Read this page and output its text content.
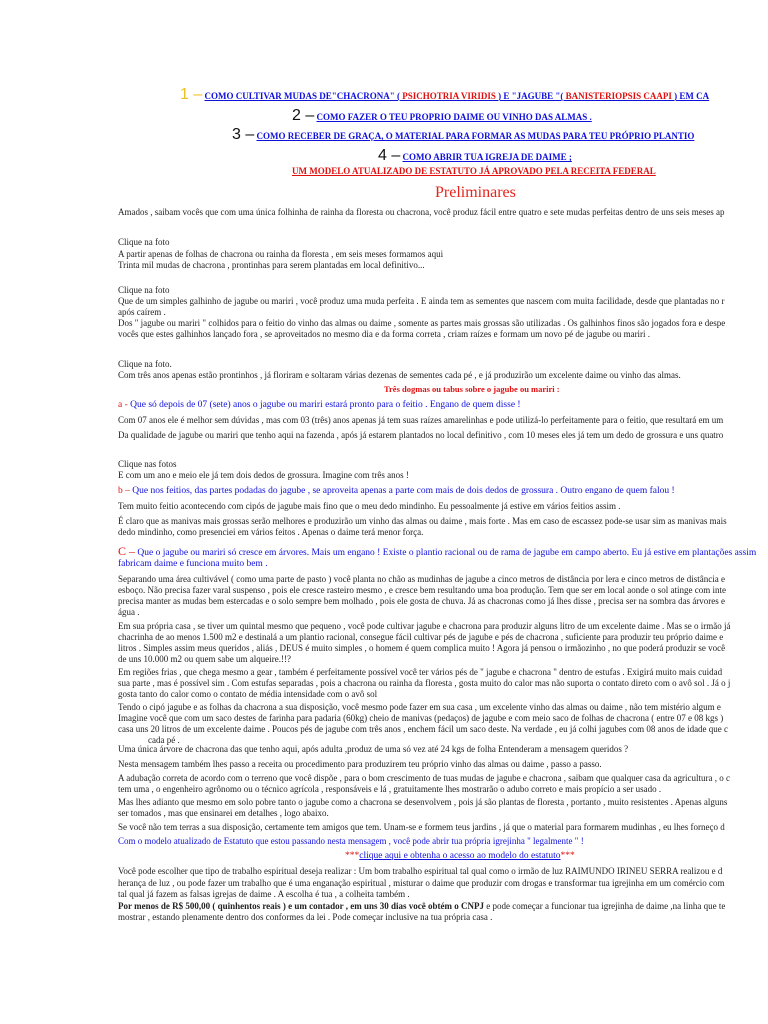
1 – COMO CULTIVAR MUDAS DE"CHACRONA" ( PSICHOTRIA VIRIDIS ) E "JAGUBE "( BANISTERIOPSIS CAAPI ) EM CA
2 – COMO FAZER O TEU PROPRIO DAIME OU VINHO DAS ALMAS .
3 – COMO RECEBER DE GRAÇA, O MATERIAL PARA FORMAR AS MUDAS PARA TEU PRÓPRIO PLANTIO
4 – COMO ABRIR TUA IGREJA DE DAIME ;
UM MODELO ATUALIZADO DE ESTATUTO JÁ APROVADO PELA RECEITA FEDERAL
Preliminares
Amados , saibam vocês que com uma única folhinha de rainha da floresta ou chacrona, você produz fácil entre quatro e sete mudas perfeitas dentro de uns seis meses ap
Clique na foto
A partir apenas de folhas de chacrona ou rainha da floresta , em seis meses formamos aqui
Trinta mil mudas de chacrona , prontinhas para serem plantadas em local definitivo...
Clique na foto
Que de um simples galhinho de jagube ou mariri , você produz uma muda perfeita . E ainda tem as sementes que nascem com muita facilidade, desde que plantadas no r
após caírem .
Dos " jagube ou mariri " colhidos para o feitio do vinho das almas ou daime , somente as partes mais grossas são utilizadas . Os galhinhos finos são jogados fora e despe
vocês que estes galhinhos lançado fora , se aproveitados no mesmo dia e da forma correta , criam raízes e formam um novo pé de jagube ou mariri .
Clique na foto.
Com três anos apenas estão prontinhos , já floriram e soltaram várias dezenas de sementes cada pé , e já produzirão um excelente daime ou vinho das almas.
Três dogmas ou tabus sobre o jagube ou mariri :
a - Que só depois de 07 (sete) anos o jagube ou mariri estará pronto para o feitio . Engano de quem disse !
Com 07 anos ele é melhor sem dúvidas , mas com 03 (três) anos apenas já tem suas raízes amarelinhas e pode utilizá-lo perfeitamente para o feitio, que resultará em um
Da qualidade de jagube ou mariri que tenho aqui na fazenda , após já estarem plantados no local definitivo , com 10 meses eles já tem um dedo de grossura e uns quatro
Clique nas fotos
E com um ano e meio ele já tem dois dedos de grossura. Imagine com três anos !
b – Que nos feitios, das partes podadas do jagube , se aproveita apenas a parte com mais de dois dedos de grossura . Outro engano de quem falou !
Tem muito feitio acontecendo com cipós de jagube mais fino que o meu dedo mindinho. Eu pessoalmente já estive em vários feitios assim .
É claro que as manivas mais grossas serão melhores e produzirão um vinho das almas ou daime , mais forte . Mas em caso de escassez pode-se usar sim as manivas mais
dedo mindinho, como presenciei em vários feitos . Apenas o daime terá menor força.
C – Que o jagube ou mariri só cresce em árvores. Mais um engano ! Existe o plantio racional ou de rama de jagube em campo aberto. Eu já estive em plantações assim
fabricam daime e funciona muito bem .
Separando uma área cultivável ( como uma parte de pasto ) você planta no chão as mudinhas de jagube a cinco metros de distância por lera e cinco metros de distância e
esboço. Não precisa fazer varal suspenso , pois ele cresce rasteiro mesmo , e cresce bem resultando uma boa produção. Tem que ser em local aonde o sol atinge com inte
precisa manter as mudas bem estercadas e o solo sempre bem molhado , pois ele gosta de chuva. Já as chacronas como já lhes disse , precisa ser na sombra das árvores e
água .
Em sua própria casa , se tiver um quintal mesmo que pequeno , você pode cultivar jagube e chacrona para produzir alguns litro de um excelente daime . Mas se o irmão já
chacrinha de ao menos 1.500 m2 e destinalá a um plantio racional, consegue fácil cultivar pés de jagube e pés de chacrona , suficiente para produzir teu próprio daime e
litros . Simples assim meus queridos , aliás , DEUS é muito simples , o homem é quem complica muito ! Agora já pensou o irmãozinho , no que poderá produzir se você
de uns 10.000 m2 ou quem sabe um alqueire.!!?
Em regiões frias , que chega mesmo a gear , também é perfeitamente possível você ter vários pés de " jagube e chacrona " dentro de estufas . Exigirá muito mais cuidad
sua parte , mas é possível sim . Com estufas separadas , pois a chacrona ou rainha da floresta , gosta muito do calor mas não suporta o contato direto com o avô sol . Já o j
gosta tanto do calor como o contato de média intensidade com o avô sol
Tendo o cipó jagube e as folhas da chacrona a sua disposição, você mesmo pode fazer em sua casa , um excelente vinho das almas ou daime , não tem mistério algum e
Imagine você que com um saco destes de farinha para padaria (60kg) cheio de manivas (pedaços) de jagube e com meio saco de folhas de chacrona ( entre 07 e 08 kgs )
casa uns 20 litros de um excelente daime . Poucos pés de jagube com três anos , enchem fácil um saco deste. Na verdade , eu já colhi jagubes com 08 anos de idade que c
cada pé .
Uma única árvore de chacrona das que tenho aqui, após adulta ,produz de uma só vez até 24 kgs de folha Entenderam a mensagem queridos ?
Nesta mensagem também lhes passo a receita ou procedimento para produzirem teu próprio vinho das almas ou daime , passo a passo.
A adubação correta de acordo com o terreno que você dispõe , para o bom crescimento de tuas mudas de jagube e chacrona , saibam que qualquer casa da agricultura , o c
tem uma , o engenheiro agrônomo ou o técnico agrícola , responsáveis e lá , gratuitamente lhes mostrarão o adubo correto e mais propício a ser usado .
Mas lhes adianto que mesmo em solo pobre tanto o jagube como a chacrona se desenvolvem , pois já são plantas de floresta , portanto , muito resistentes . Apenas alguns
ser tomados , mas que ensinarei em detalhes , logo abaixo.
Se você não tem terras a sua disposição, certamente tem amigos que tem. Unam-se e formem teus jardins , já que o material para formarem mudinhas , eu lhes forneço d
Com o modelo atualizado de Estatuto que estou passando nesta mensagem , você pode abrir tua própria igrejinha " legalmente " !
***clique aqui e obtenha o acesso ao modelo do estatuto***
Você pode escolher que tipo de trabalho espiritual deseja realizar : Um bom trabalho espiritual tal qual como o irmão de luz RAIMUNDO IRINEU SERRA realizou e d
herança de luz , ou pode fazer um trabalho que é uma enganação espiritual , misturar o daime que produzir com drogas e transformar tua igrejinha em um comércio com
tal qual já fazem as falsas igrejas de daime . A escolha é tua , a colheita também .
Por menos de R$ 500,00 ( quinhentos reais ) e um contador , em uns 30 dias você obtém o CNPJ e pode começar a funcionar tua igrejinha de daime ,na linha que te
mostrar , estando plenamente dentro dos conformes da lei . Pode começar inclusive na tua própria casa .
